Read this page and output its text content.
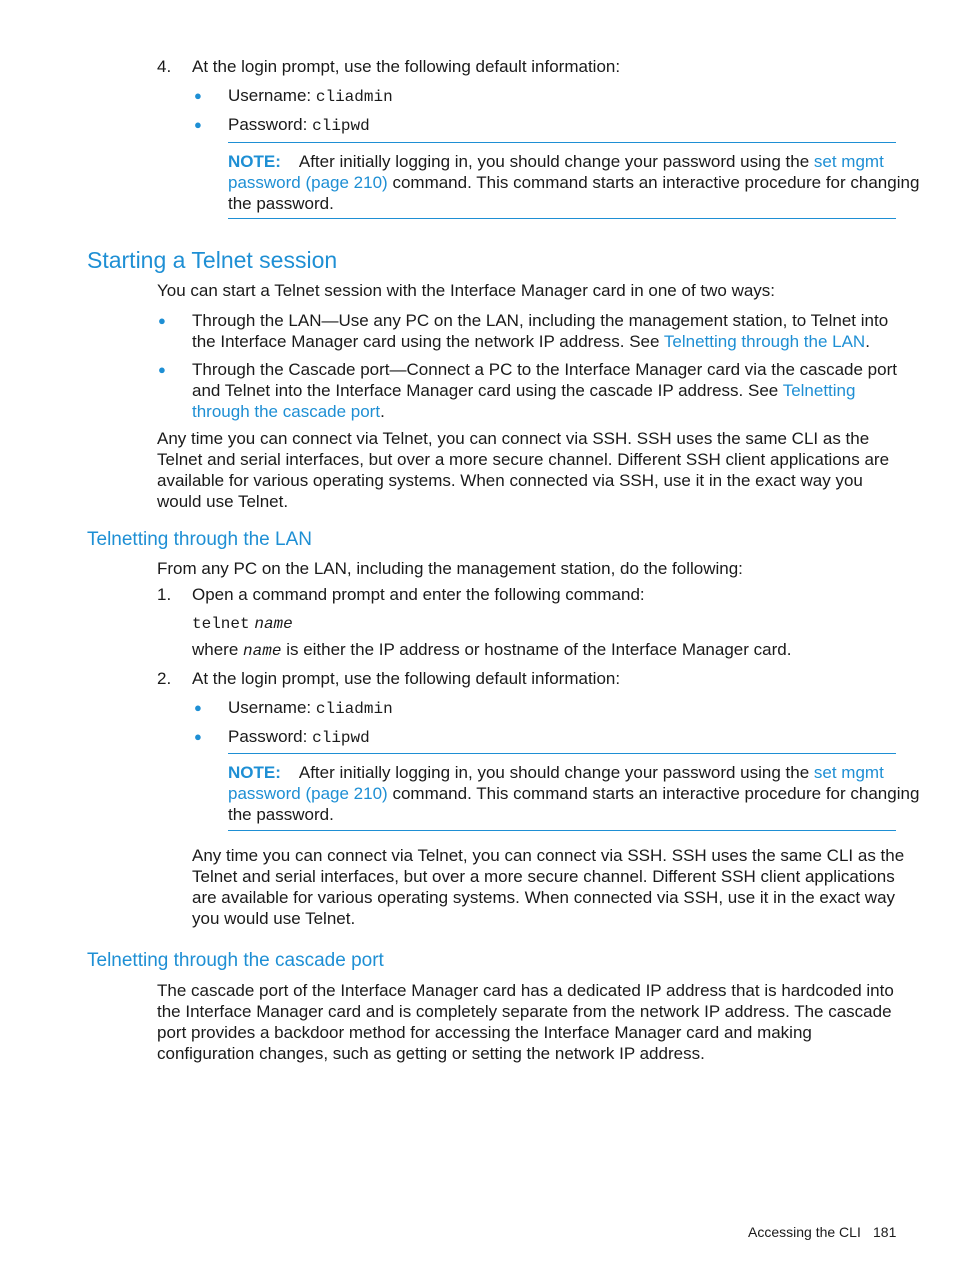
4. At the login prompt, use the following default information:
● Username: cliadmin
● Password: clipwd
NOTE: After initially logging in, you should change your password using the set mgmt
password (page 210) command. This command starts an interactive procedure for changing
the password.
Starting a Telnet session
You can start a Telnet session with the Interface Manager card in one of two ways:
● Through the LAN—Use any PC on the LAN, including the management station, to Telnet into
the Interface Manager card using the network IP address. See Telnetting through the LAN.
● Through the Cascade port—Connect a PC to the Interface Manager card via the cascade port
and Telnet into the Interface Manager card using the cascade IP address. See Telnetting
through the cascade port.
Any time you can connect via Telnet, you can connect via SSH. SSH uses the same CLI as the
Telnet and serial interfaces, but over a more secure channel. Different SSH client applications are
available for various operating systems. When connected via SSH, use it in the exact way you
would use Telnet.
Telnetting through the LAN
From any PC on the LAN, including the management station, do the following:
1. Open a command prompt and enter the following command:
telnet name
where name is either the IP address or hostname of the Interface Manager card.
2. At the login prompt, use the following default information:
● Username: cliadmin
● Password: clipwd
NOTE: After initially logging in, you should change your password using the set mgmt
password (page 210) command. This command starts an interactive procedure for changing
the password.
Any time you can connect via Telnet, you can connect via SSH. SSH uses the same CLI as the
Telnet and serial interfaces, but over a more secure channel. Different SSH client applications
are available for various operating systems. When connected via SSH, use it in the exact way
you would use Telnet.
Telnetting through the cascade port
The cascade port of the Interface Manager card has a dedicated IP address that is hardcoded into
the Interface Manager card and is completely separate from the network IP address. The cascade
port provides a backdoor method for accessing the Interface Manager card and making
configuration changes, such as getting or setting the network IP address.
Accessing the CLI 181
